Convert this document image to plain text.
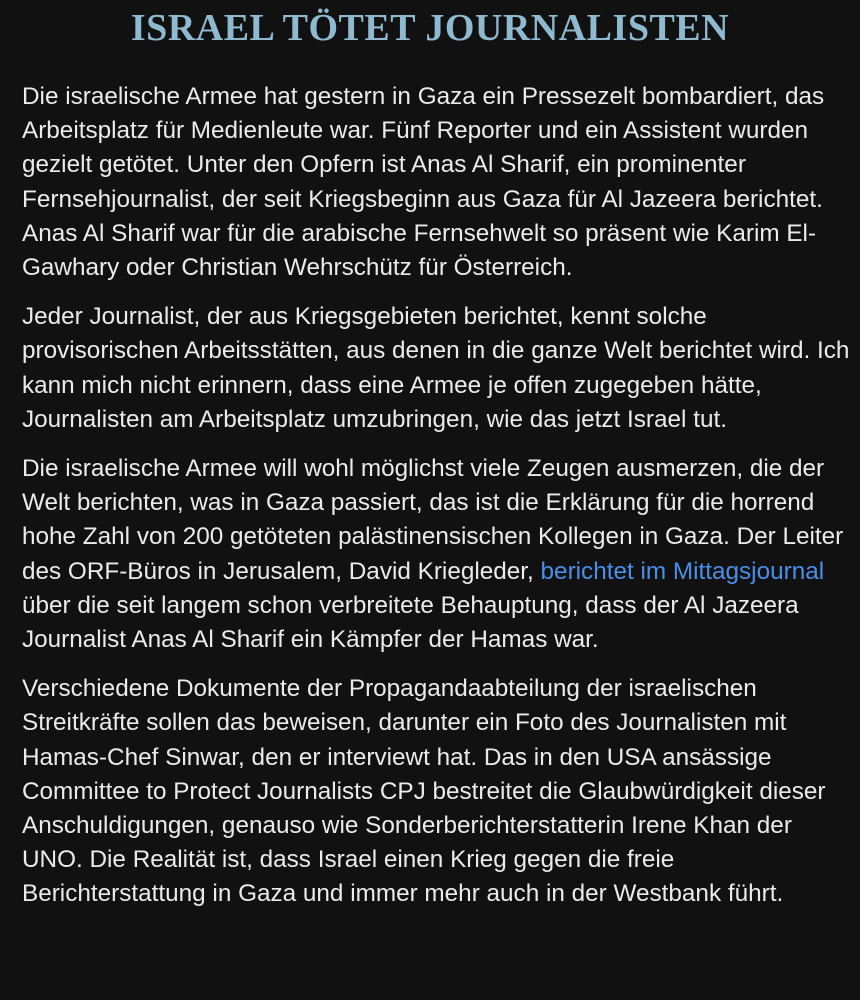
ISRAEL TÖTET JOURNALISTEN

Die israelische Armee hat gestern in Gaza ein Pressezelt bombardiert, das Arbeitsplatz für Medienleute war. Fünf Reporter und ein Assistent wurden gezielt getötet. Unter den Opfern ist Anas Al Sharif, ein prominenter Fernsehjournalist, der seit Kriegsbeginn aus Gaza für Al Jazeera berichtet. Anas Al Sharif war für die arabische Fernsehwelt so präsent wie Karim El-Gawhary oder Christian Wehrschütz für Österreich.

Jeder Journalist, der aus Kriegsgebieten berichtet, kennt solche provisorischen Arbeitsstätten, aus denen in die ganze Welt berichtet wird. Ich kann mich nicht erinnern, dass eine Armee je offen zugegeben hätte, Journalisten am Arbeitsplatz umzubringen, wie das jetzt Israel tut.

Die israelische Armee will wohl möglichst viele Zeugen ausmerzen, die der Welt berichten, was in Gaza passiert, das ist die Erklärung für die horrend hohe Zahl von 200 getöteten palästinensischen Kollegen in Gaza. Der Leiter des ORF-Büros in Jerusalem, David Kriegleder, berichtet im Mittagsjournal über die seit langem schon verbreitete Behauptung, dass der Al Jazeera Journalist Anas Al Sharif ein Kämpfer der Hamas war.

Verschiedene Dokumente der Propagandaabteilung der israelischen Streitkräfte sollen das beweisen, darunter ein Foto des Journalisten mit Hamas-Chef Sinwar, den er interviewt hat. Das in den USA ansässige Committee to Protect Journalists CPJ bestreitet die Glaubwürdigkeit dieser Anschuldigungen, genauso wie Sonderberichterstatterin Irene Khan der UNO. Die Realität ist, dass Israel einen Krieg gegen die freie Berichterstattung in Gaza und immer mehr auch in der Westbank führt.
